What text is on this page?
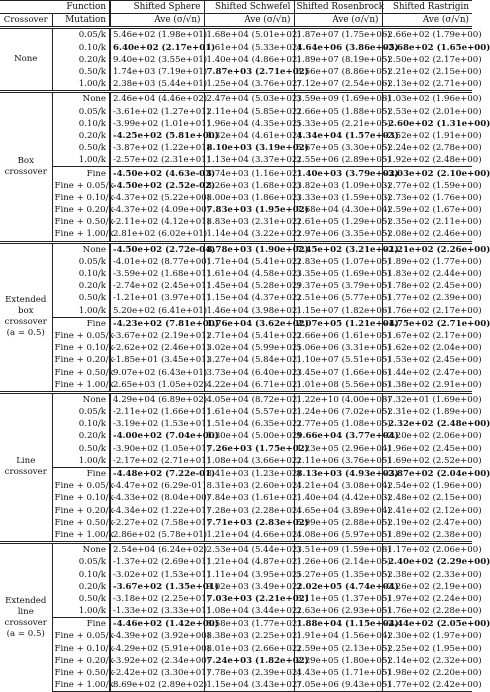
Function		Shifted Sphere	Shifted Schwefel	Shifted Rosenbrock	Shifted Rastrigin
Crossover	Mutation	Ave (σ/√n)	Ave (σ/√n)	Ave (σ/√n)	Ave (σ/√n)
None	0.05/k	5.46e+02 (1.98e+01)	1.68e+04 (5.01e+02)	1.87e+07 (1.75e+06)	-2.66e+02 (1.79e+00)
	0.10/k	6.40e+02 (2.17e+01)	1.61e+04 (5.33e+02)	4.64e+06 (3.86e+05)	-2.68e+02 (1.65e+00)
	0.20/k	9.40e+02 (3.55e+01)	1.40e+04 (4.86e+02)	1.89e+07 (8.19e+05)	-2.50e+02 (2.17e+00)
	0.50/k	1.74e+03 (7.19e+01)	7.87e+03 (2.71e+02)	3.56e+07 (8.86e+05)	-2.21e+02 (2.15e+00)
	1.00/k	2.38e+03 (5.44e+01)	1.25e+04 (3.76e+02)	7.12e+07 (2.54e+06)	-2.13e+02 (2.71e+00)
Box crossover	None	2.46e+04 (4.46e+02)	2.47e+04 (5.03e+02)	3.59e+09 (1.69e+08)	-1.03e+02 (1.96e+00)
	0.05/k	-3.61e+02 (1.27e+01)	2.11e+04 (5.85e+02)	2.66e+05 (1.88e+05)	-2.53e+02 (2.01e+00)
	0.10/k	-3.99e+02 (1.01e+01)	1.96e+04 (4.35e+02)	5.33e+05 (2.21e+05)	-2.60e+02 (1.31e+00)
	0.20/k	-4.25e+02 (5.81e+00)	1.32e+04 (4.61e+02)	4.34e+04 (1.57e+03)	-2.52e+02 (1.91e+00)
	0.50/k	-3.87e+02 (1.22e+01)	8.10e+03 (3.19e+02)	5.67e+05 (3.30e+05)	-2.24e+02 (2.78e+00)
	1.00/k	-2.57e+02 (2.31e+01)	1.13e+04 (3.37e+02)	2.55e+06 (2.89e+05)	-1.92e+02 (2.48e+00)
	Fine	-4.50e+02 (4.63e-03)	8.74e+03 (1.16e+02)	1.40e+03 (3.79e+02)	-3.03e+02 (2.10e+00)
	Fine + 0.05/k	-4.50e+02 (2.52e-02)	8.26e+03 (1.68e+02)	3.82e+03 (1.09e+03)	-2.77e+02 (1.59e+00)
	Fine + 0.10/k	-4.37e+02 (5.22e+00)	8.00e+03 (1.86e+02)	3.33e+03 (1.59e+03)	-2.73e+02 (1.76e+00)
	Fine + 0.20/k	-4.37e+02 (4.09e+00)	7.83e+03 (1.95e+02)	7.68e+04 (4.30e+04)	-2.59e+02 (1.67e+00)
	Fine + 0.50/k	-2.11e+02 (4.12e+01)	8.83e+03 (2.31e+02)	2.61e+05 (1.29e+05)	-2.35e+02 (2.11e+00)
	Fine + 1.00/k	2.81e+02 (6.02e+01)	1.14e+04 (3.22e+02)	2.97e+06 (3.35e+05)	-2.08e+02 (2.46e+00)
Extended box crossover (a = 0.5)	None	-4.50e+02 (2.72e-04)	8.78e+03 (1.90e+02)	7.45e+02 (3.21e+01)	-2.21e+02 (2.26e+00)
	0.05/k	-4.01e+02 (8.77e+00)	1.71e+04 (5.41e+02)	2.83e+05 (1.07e+05)	-1.89e+02 (1.77e+00)
	0.10/k	-3.59e+02 (1.68e+01)	1.61e+04 (4.58e+02)	3.35e+05 (1.69e+05)	-1.83e+02 (2.44e+00)
	0.20/k	-2.74e+02 (2.45e+01)	1.45e+04 (5.28e+02)	9.37e+05 (3.79e+05)	-1.78e+02 (2.45e+00)
	0.50/k	-1.21e+01 (3.97e+01)	1.15e+04 (4.37e+02)	2.51e+06 (5.77e+05)	-1.77e+02 (2.39e+00)
	1.00/k	5.20e+02 (6.41e+01)	1.46e+04 (3.98e+02)	1.15e+07 (1.82e+06)	-1.76e+02 (2.17e+00)
	Fine	-4.23e+02 (7.81e+00)	1.76e+04 (3.62e+02)	2.07e+05 (1.21e+04)	-1.75e+02 (2.71e+00)
	Fine + 0.05/k	-3.67e+02 (2.19e+01)	2.71e+04 (5.41e+02)	2.66e+06 (1.61e+05)	-1.67e+02 (2.17e+00)
	Fine + 0.10/k	-2.62e+02 (2.46e+01)	3.02e+04 (5.99e+02)	5.06e+06 (3.31e+05)	-1.62e+02 (2.04e+00)
	Fine + 0.20/k	-1.85e+01 (3.45e+01)	3.27e+04 (5.84e+02)	1.10e+07 (5.51e+05)	-1.53e+02 (2.45e+00)
	Fine + 0.50/k	9.07e+02 (6.43e+01)	3.73e+04 (6.40e+02)	3.45e+07 (1.66e+06)	-1.44e+02 (2.47e+00)
	Fine + 1.00/k	2.65e+03 (1.05e+02)	4.22e+04 (6.71e+02)	1.01e+08 (5.56e+06)	-1.38e+02 (2.91e+00)
Line crossover	None	4.29e+04 (6.89e+02)	4.05e+04 (8.72e+02)	1.22e+10 (4.00e+08)	-7.32e+01 (1.69e+00)
	0.05/k	-2.11e+02 (1.66e+01)	1.61e+04 (5.57e+02)	1.24e+06 (7.02e+05)	-2.31e+02 (1.89e+00)
	0.10/k	-3.19e+02 (1.53e+01)	1.51e+04 (6.35e+02)	2.77e+05 (1.08e+05)	-2.32e+02 (2.48e+00)
	0.20/k	-4.00e+02 (7.04e+00)	1.30e+04 (5.00e+02)	9.66e+04 (3.77e+04)	-2.20e+02 (2.06e+00)
	0.50/k	-3.90e+02 (1.05e+01)	7.26e+03 (1.75e+02)	1.23e+05 (2.96e+04)	-1.96e+02 (2.45e+00)
	1.00/k	-2.17e+02 (2.71e+01)	1.08e+04 (3.66e+02)	2.11e+06 (3.76e+05)	-1.69e+02 (2.52e+00)
	Fine	-4.48e+02 (7.22e-01)	8.41e+03 (1.23e+02)	8.13e+03 (4.93e+03)	-2.87e+02 (2.04e+00)
	Fine + 0.05/k	-4.47e+02 (6.29e-01)	8.31e+03 (2.60e+02)	4.21e+04 (3.08e+04)	-2.54e+02 (1.96e+00)
	Fine + 0.10/k	-4.33e+02 (8.04e+00)	7.84e+03 (1.61e+02)	1.40e+04 (4.42e+03)	-2.48e+02 (2.15e+00)
	Fine + 0.20/k	-4.34e+02 (1.22e+01)	7.28e+03 (2.28e+02)	4.65e+04 (3.89e+04)	-2.41e+02 (2.12e+00)
	Fine + 0.50/k	-2.27e+02 (7.58e+01)	7.71e+03 (2.83e+02)	5.99e+05 (2.88e+05)	-2.19e+02 (2.47e+00)
	Fine + 1.00/k	2.86e+02 (5.78e+01)	1.21e+04 (4.66e+02)	4.08e+06 (5.97e+05)	-1.89e+02 (2.38e+00)
Extended line crossover (a = 0.5)	None	2.54e+04 (6.24e+02)	2.53e+04 (5.44e+02)	3.51e+09 (1.59e+08)	-1.17e+02 (2.06e+00)
	0.05/k	-1.37e+02 (2.69e+01)	1.21e+04 (4.87e+02)	1.26e+06 (2.14e+05)	-2.40e+02 (2.29e+00)
	0.10/k	-3.02e+02 (1.53e+01)	1.11e+04 (3.95e+02)	5.27e+05 (1.35e+05)	-2.38e+02 (2.33e+00)
	0.20/k	-3.67e+02 (1.35e+01)	9.02e+03 (3.49e+02)	2.02e+05 (4.74e+04)	-2.26e+02 (2.19e+00)
	0.50/k	-3.18e+02 (2.25e+01)	7.03e+03 (2.21e+02)	3.11e+05 (1.37e+05)	-1.97e+02 (2.24e+00)
	1.00/k	-1.33e+02 (3.33e+01)	1.08e+04 (3.44e+02)	2.63e+06 (2.93e+05)	-1.76e+02 (2.28e+00)
	Fine	-4.46e+02 (1.42e+00)	8.58e+03 (1.77e+02)	1.88e+04 (1.15e+04)	-2.44e+02 (2.05e+00)
	Fine + 0.05/k	-4.39e+02 (3.92e+00)	8.38e+03 (2.25e+02)	1.91e+04 (1.56e+04)	-2.30e+02 (1.97e+00)
	Fine + 0.10/k	-4.29e+02 (5.91e+00)	8.01e+03 (2.66e+02)	2.59e+05 (2.13e+05)	-2.25e+02 (1.95e+00)
	Fine + 0.20/k	-3.92e+02 (2.34e+00)	7.24e+03 (1.82e+02)	2.29e+05 (1.80e+05)	-2.14e+02 (2.32e+00)
	Fine + 0.50/k	-2.42e+02 (3.30e+01)	7.78e+03 (2.39e+02)	4.43e+05 (1.71e+05)	-1.98e+02 (2.20e+00)
	Fine + 1.00/k	8.69e+02 (2.89e+02)	1.15e+04 (3.43e+02)	7.05e+06 (9.43e+05)	-1.77e+02 (2.42e+00)
